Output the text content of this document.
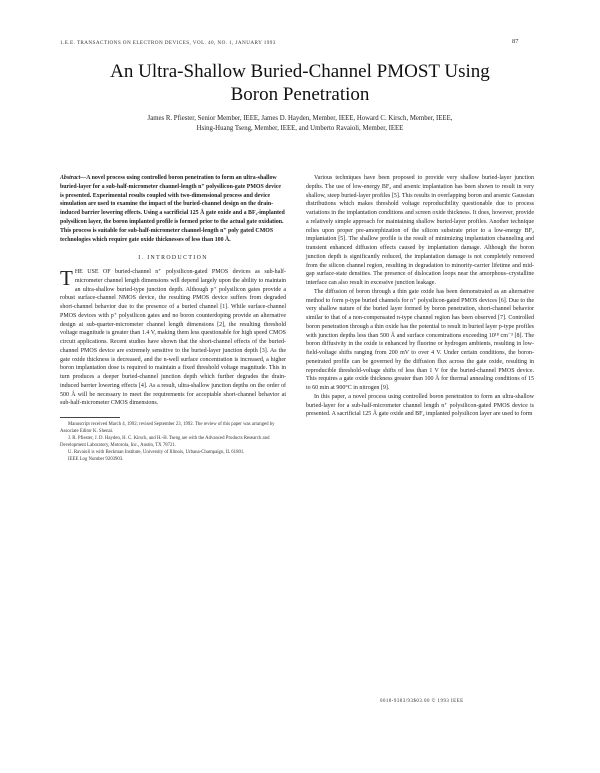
1.E.E. TRANSACTIONS ON ELECTRON DEVICES, VOL. 40, NO. 1, JANUARY 1993	87
An Ultra-Shallow Buried-Channel PMOST Using
Boron Penetration
James R. Pfiester, Senior Member, IEEE, James D. Hayden, Member, IEEE, Howard C. Kirsch, Member, IEEE,
Hsing-Huang Tseng, Member, IEEE, and Umberto Ravaioli, Member, IEEE

Abstract—A novel process using controlled boron penetration to form an ultra-shallow buried-layer for a sub-half-micrometer channel-length n⁺ polysilicon-gate PMOS device is presented. Experimental results coupled with two-dimensional process and device simulation are used to examine the impact of the buried-channel design on the drain-induced barrier lowering effects. Using a sacrificial 125 Å gate oxide and a BF₂-implanted polysilicon layer, the boron implanted profile is formed prior to the actual gate oxidation. This process is suitable for sub-half-micrometer channel-length n⁺ poly gated CMOS technologies which require gate oxide thicknesses of less than 100 Å.

I. INTRODUCTION

THE USE OF buried-channel n⁺ polysilicon-gated PMOS devices as sub-half-micrometer channel length dimensions will depend largely upon the ability to maintain an ultra-shallow buried-type junction depth. Although p⁺ polysilicon gates provide a robust surface-channel NMOS device, the resulting PMOS device suffers from degraded short-channel behavior due to the presence of a buried channel [1]. While surface-channel PMOS devices with p⁺ polysilicon gates and no boron counterdoping provide an alternative design at sub-quarter-micrometer channel length dimensions [2], the resulting threshold voltage magnitude is greater than 1.4 V, making them less questionable for high speed CMOS circuit applications. Recent studies have shown that the short-channel effects of the buried-channel PMOS device are extremely sensitive to the buried-layer junction depth [3]. As the gate oxide thickness is decreased, and the n-well surface concentration is increased, a higher boron implantation dose is required to maintain a fixed threshold voltage magnitude. This in turn produces a deeper buried-channel junction depth which further degrades the drain-induced barrier lowering effects [4]. As a result, ultra-shallow junction depths on the order of 500 Å will be necessary to meet the requirements for acceptable short-channel behavior at sub-half-micrometer CMOS dimensions.

Manuscript received March 4, 1992; revised September 23, 1992. The review of this paper was arranged by Associate Editor K. Shenai.

J. R. Pfiester, J. D. Hayden, H. C. Kirsch, and H.-H. Tseng are with the Advanced Products Research and Development Laboratory, Motorola, Inc., Austin, TX 78721.

U. Ravaioli is with Beckman Institute, University of Illinois, Urbana-Champaign, IL 61801.

IEEE Log Number 9203903.

Various techniques have been proposed to provide very shallow buried-layer junction depths. The use of low-energy BF₂ and arsenic implantation has been shown to result in very shallow, steep buried-layer profiles [5]. This results in overlapping boron and arsenic Gaussian distributions which makes threshold voltage reproducibility questionable due to process variations in the implantation conditions and screen oxide thickness. It does, however, provide a relatively simple approach for maintaining shallow buried-layer profiles. Another technique relies upon proper pre-amorphization of the silicon substrate prior to a low-energy BF₂ implantation [5]. The shallow profile is the result of minimizing implantation channeling and transient enhanced diffusion effects caused by implantation damage. Although the boron junction depth is significantly reduced, the implantation damage is not completely removed from the silicon channel region, resulting in degradation to minority-carrier lifetime and mid-gap surface-state densities. The presence of dislocation loops near the amorphous–crystalline interface can also result in excessive junction leakage.

The diffusion of boron through a thin gate oxide has been demonstrated as an alternative method to form p-type buried channels for n⁺ polysilicon-gated PMOS devices [6]. Due to the very shallow nature of the buried layer formed by boron penetration, short-channel behavior similar to that of a non-compensated n-type channel region has been observed [7]. Controlled boron penetration through a thin oxide has the potential to result in buried layer p-type profiles with junction depths less than 500 Å and surface concentrations exceeding 10¹⁸ cm⁻³ [8]. The boron diffusivity in the oxide is enhanced by fluorine or hydrogen ambients, resulting in low-field-voltage shifts ranging from 200 mV to over 4 V. Under certain conditions, the boron-penetrated profile can be governed by the diffusion flux across the gate oxide, resulting in reproducible threshold-voltage shifts of less than 1 V for the buried-channel PMOS device. This requires a gate oxide thickness greater than 100 Å for thermal annealing conditions of 15 to 60 min at 900°C in nitrogen [9].

In this paper, a novel process using controlled boron penetration to form an ultra-shallow buried-layer for a sub-half-micrometer channel length n⁺ polysilicon-gated PMOS device is presented. A sacrificial 125 Å gate oxide and BF₂ implanted polysilicon layer are used to form

0018-9383/93$03.00 © 1993 IEEE
